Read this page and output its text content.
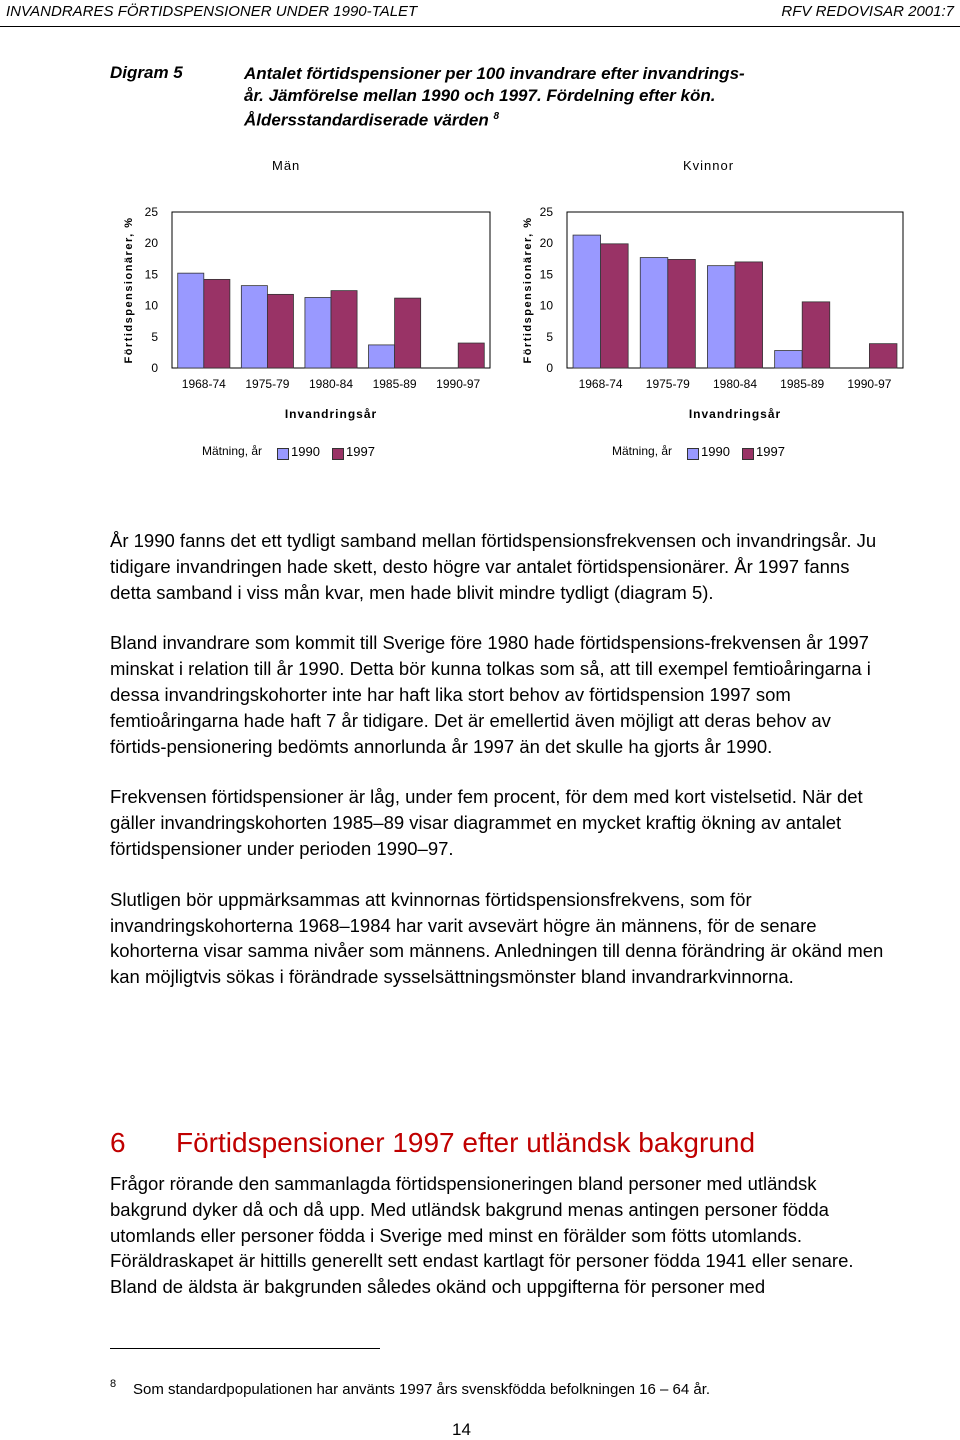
INVANDRARES FÖRTIDSPENSIONER UNDER 1990-TALET	RFV REDOVISAR 2001:7
Digram 5	Antalet förtidspensioner per 100 invandrare efter invandrings-
år. Jämförelse mellan 1990 och 1997. Fördelning efter kön.
Åldersstandardiserade värden $^8$
Män	Kvinnor
0
5
10
15
20
25
Förtidspensionärer, %
1968-74 1975-79 1980-84 1985-89 1990-97
Invandringsår
0
5
10
15
20
25
Förtidspensionärer, %
1968-74 1975-79 1980-84 1985-89 1990-97
Invandringsår
Mätning, år 1990 1997	Mätning, år 1990 1997

År 1990 fanns det ett tydligt samband mellan förtidspensionsfrekvensen och invandringsår. Ju tidigare invandringen hade skett, desto högre var antalet förtidspensionärer. År 1997 fanns detta samband i viss mån kvar, men hade blivit mindre tydligt (diagram 5).

Bland invandrare som kommit till Sverige före 1980 hade förtidspensions-frekvensen år 1997 minskat i relation till år 1990. Detta bör kunna tolkas som så, att till exempel femtioåringarna i dessa invandringskohorter inte har haft lika stort behov av förtidspension 1997 som femtioåringarna hade haft 7 år tidigare. Det är emellertid även möjligt att deras behov av förtids-pensionering bedömts annorlunda år 1997 än det skulle ha gjorts år 1990.

Frekvensen förtidspensioner är låg, under fem procent, för dem med kort vistelsetid. När det gäller invandringskohorten 1985–89 visar diagrammet en mycket kraftig ökning av antalet förtidspensioner under perioden 1990–97.

Slutligen bör uppmärksammas att kvinnornas förtidspensionsfrekvens, som för invandringskohorterna 1968–1984 har varit avsevärt högre än männens, för de senare kohorterna visar samma nivåer som männens. Anledningen till denna förändring är okänd men kan möjligtvis sökas i förändrade sysselsättningsmönster bland invandrarkvinnorna.

6 Förtidspensioner 1997 efter utländsk bakgrund

Frågor rörande den sammanlagda förtidspensioneringen bland personer med utländsk bakgrund dyker då och då upp. Med utländsk bakgrund menas antingen personer födda utomlands eller personer födda i Sverige med minst en förälder som fötts utomlands. Föräldraskapet är hittills generellt sett endast kartlagt för personer födda 1941 eller senare. Bland de äldsta är bakgrunden således okänd och uppgifterna för personer med

8 Som standardpopulationen har använts 1997 års svenskfödda befolkningen 16 – 64 år.
14
